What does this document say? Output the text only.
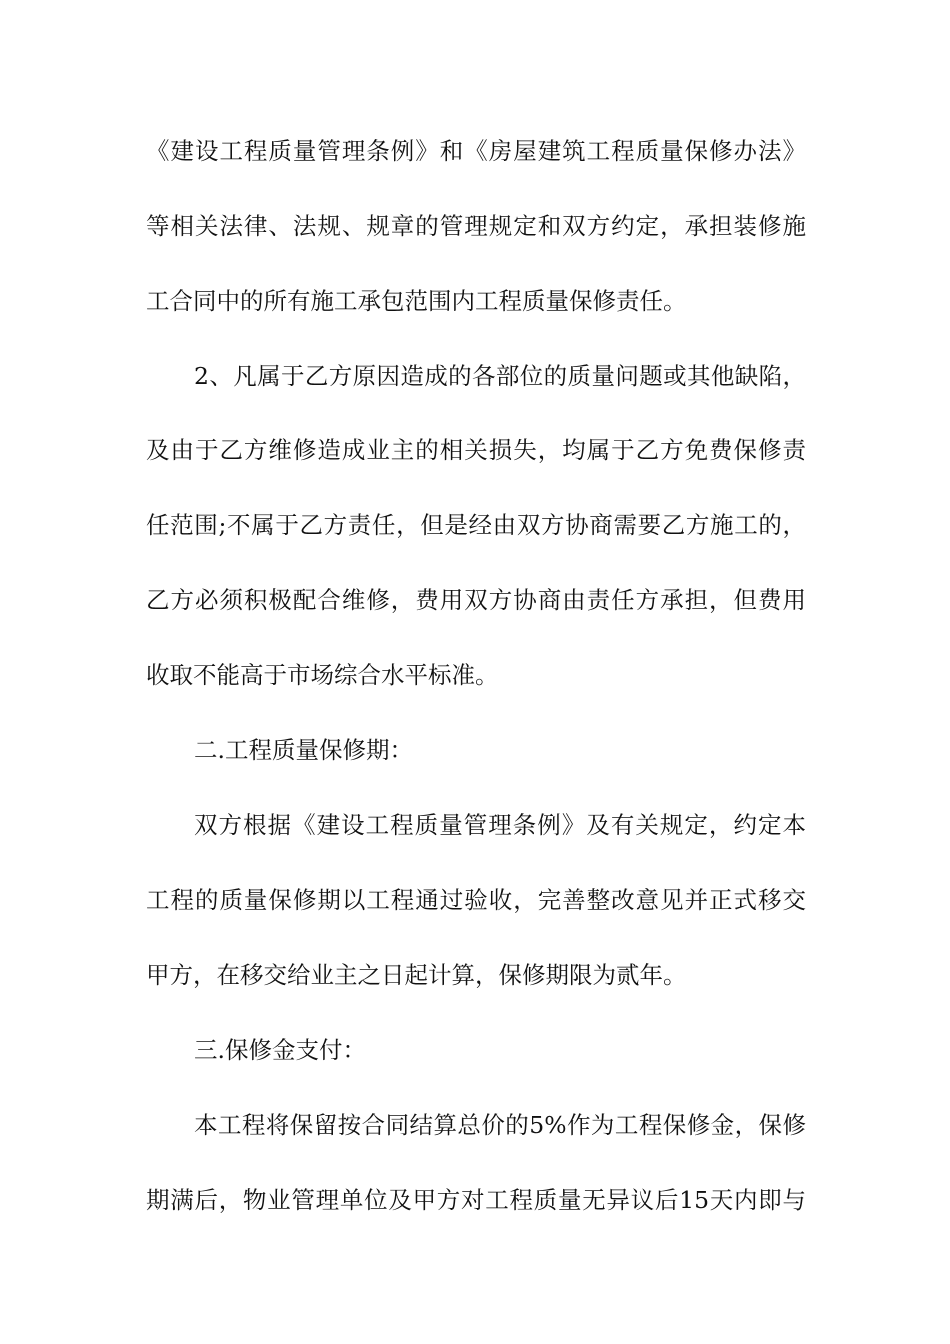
《建设工程质量管理条例》和《房屋建筑工程质量保修办法》
等相关法律、法规、规章的管理规定和双方约定，承担装修施
工合同中的所有施工承包范围内工程质量保修责任。
2、凡属于乙方原因造成的各部位的质量问题或其他缺陷，
及由于乙方维修造成业主的相关损失，均属于乙方免费保修责
任范围;不属于乙方责任，但是经由双方协商需要乙方施工的，
乙方必须积极配合维修，费用双方协商由责任方承担，但费用
收取不能高于市场综合水平标准。
二.工程质量保修期：
双方根据《建设工程质量管理条例》及有关规定，约定本
工程的质量保修期以工程通过验收，完善整改意见并正式移交
甲方，在移交给业主之日起计算，保修期限为贰年。
三.保修金支付：
本工程将保留按合同结算总价的5%作为工程保修金，保修
期满后，物业管理单位及甲方对工程质量无异议后15天内即与
